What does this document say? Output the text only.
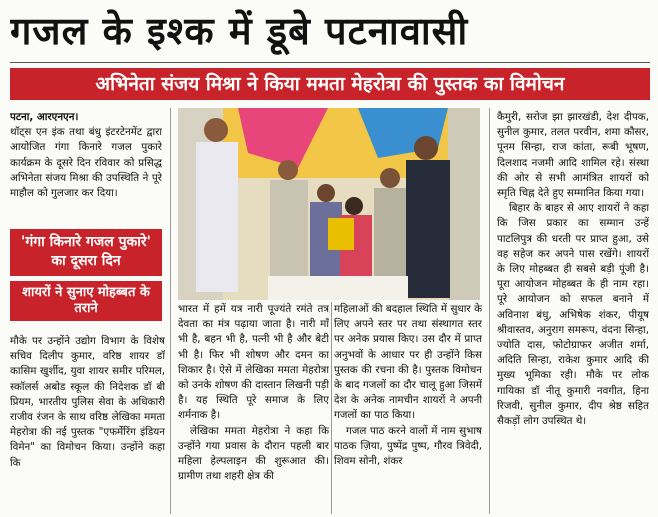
गजल के इश्क में डूबे पटनावासी
अभिनेता संजय मिश्रा ने किया ममता मेहरोत्रा की पुस्तक का विमोचन

पटना, आरएनएन।

थॉट्स एन इंक तथा बंधु इंटरटेनमेंट द्वारा आयोजित गंगा किनारे गजल पुकारे कार्यक्रम के दूसरे दिन रविवार को प्रसिद्ध अभिनेता संजय मिश्रा की उपस्थिति ने पूरे माहौल को गुलजार कर दिया।

'गंगा किनारे गजल पुकारे' का दूसरा दिन
शायरों ने सुनाए मोहब्बत के तराने

मौके पर उन्होंने उद्योग विभाग के विशेष सचिव दिलीप कुमार, वरिष्ठ शायर डॉ कासिम खुर्शीद, युवा शायर समीर परिमल, स्कॉलर्स अबोड स्कूल की निदेशक डॉ बी प्रियम, भारतीय पुलिस सेवा के अधिकारी राजीव रंजन के साथ वरिष्ठ लेखिका ममता मेहरोत्रा की नई पुस्तक "एफर्मेरिंग इंडियन विमेन" का विमोचन किया। उन्होंने कहा कि

भारत में हमें यत्र नारी पूज्यंते रमंते तत्र देवता का मंत्र पढ़ाया जाता है। नारी माँ भी है, बहन भी है, पत्नी भी है और बेटी भी है। फिर भी शोषण और दमन का शिकार है। ऐसे में लेखिका ममता मेहरोत्रा को उनके शोषण की दास्तान लिखनी पड़ी है। यह स्थिति पूरे समाज के लिए शर्मनाक है।

लेखिका ममता मेहरोत्रा ने कहा कि उन्होंने गया प्रवास के दौरान पहली बार महिला हेल्पलाइन की शुरूआत की। ग्रामीण तथा शहरी क्षेत्र की

महिलाओं की बदहाल स्थिति में सुधार के लिए अपने स्तर पर तथा संस्थागत स्तर पर अनेक प्रयास किए। उस दौर में प्राप्त अनुभवों के आधार पर ही उन्होंने किस पुस्तक की रचना की है। पुस्तक विमोचन के बाद गजलों का दौर चालू हुआ जिसमें देश के अनेक नामचीन शायरों ने अपनी गजलों का पाठ किया।

गजल पाठ करने वालों में नाम सुभाष पाठक ज़िया, पुष्पेंद्र पुष्प, गौरव त्रिवेदी, शिवम सोनी, शंकर

कैमुरी, सरोज झा झारखंडी, देश दीपक, सुनील कुमार, तलत परवीन, शमा कौसर, पूनम सिन्हा, राज कांता, रूबी भूषण, दिलशाद नजमी आदि शामिल रहे। संस्था की ओर से सभी आमंत्रित शायरों को स्मृति चिह्न देते हुए सम्मानित किया गया।

बिहार के बाहर से आए शायरों ने कहा कि जिस प्रकार का सम्मान उन्हें पाटलिपुत्र की धरती पर प्राप्त हुआ, उसे वह सहेज कर अपने पास रखेंगे। शायरों के लिए मोहब्बत ही सबसे बड़ी पूंजी है। पूरा आयोजन मोहब्बत के ही नाम रहा। पूरे आयोजन को सफल बनाने में अविनाश बंधु, अभिषेक शंकर, पीयूष श्रीवास्तव, अनुराग समरूप, वंदना सिन्हा, ज्योति दास, फोटोग्राफर अजीत शर्मा, अदिति सिन्हा, राकेश कुमार आदि की मुख्य भूमिका रही। मौके पर लोक गायिका डॉ नीतू कुमारी नवगीत, हिना रिजवी, सुनील कुमार, दीप श्रेष्ठ सहित सैकड़ों लोग उपस्थित थे।
